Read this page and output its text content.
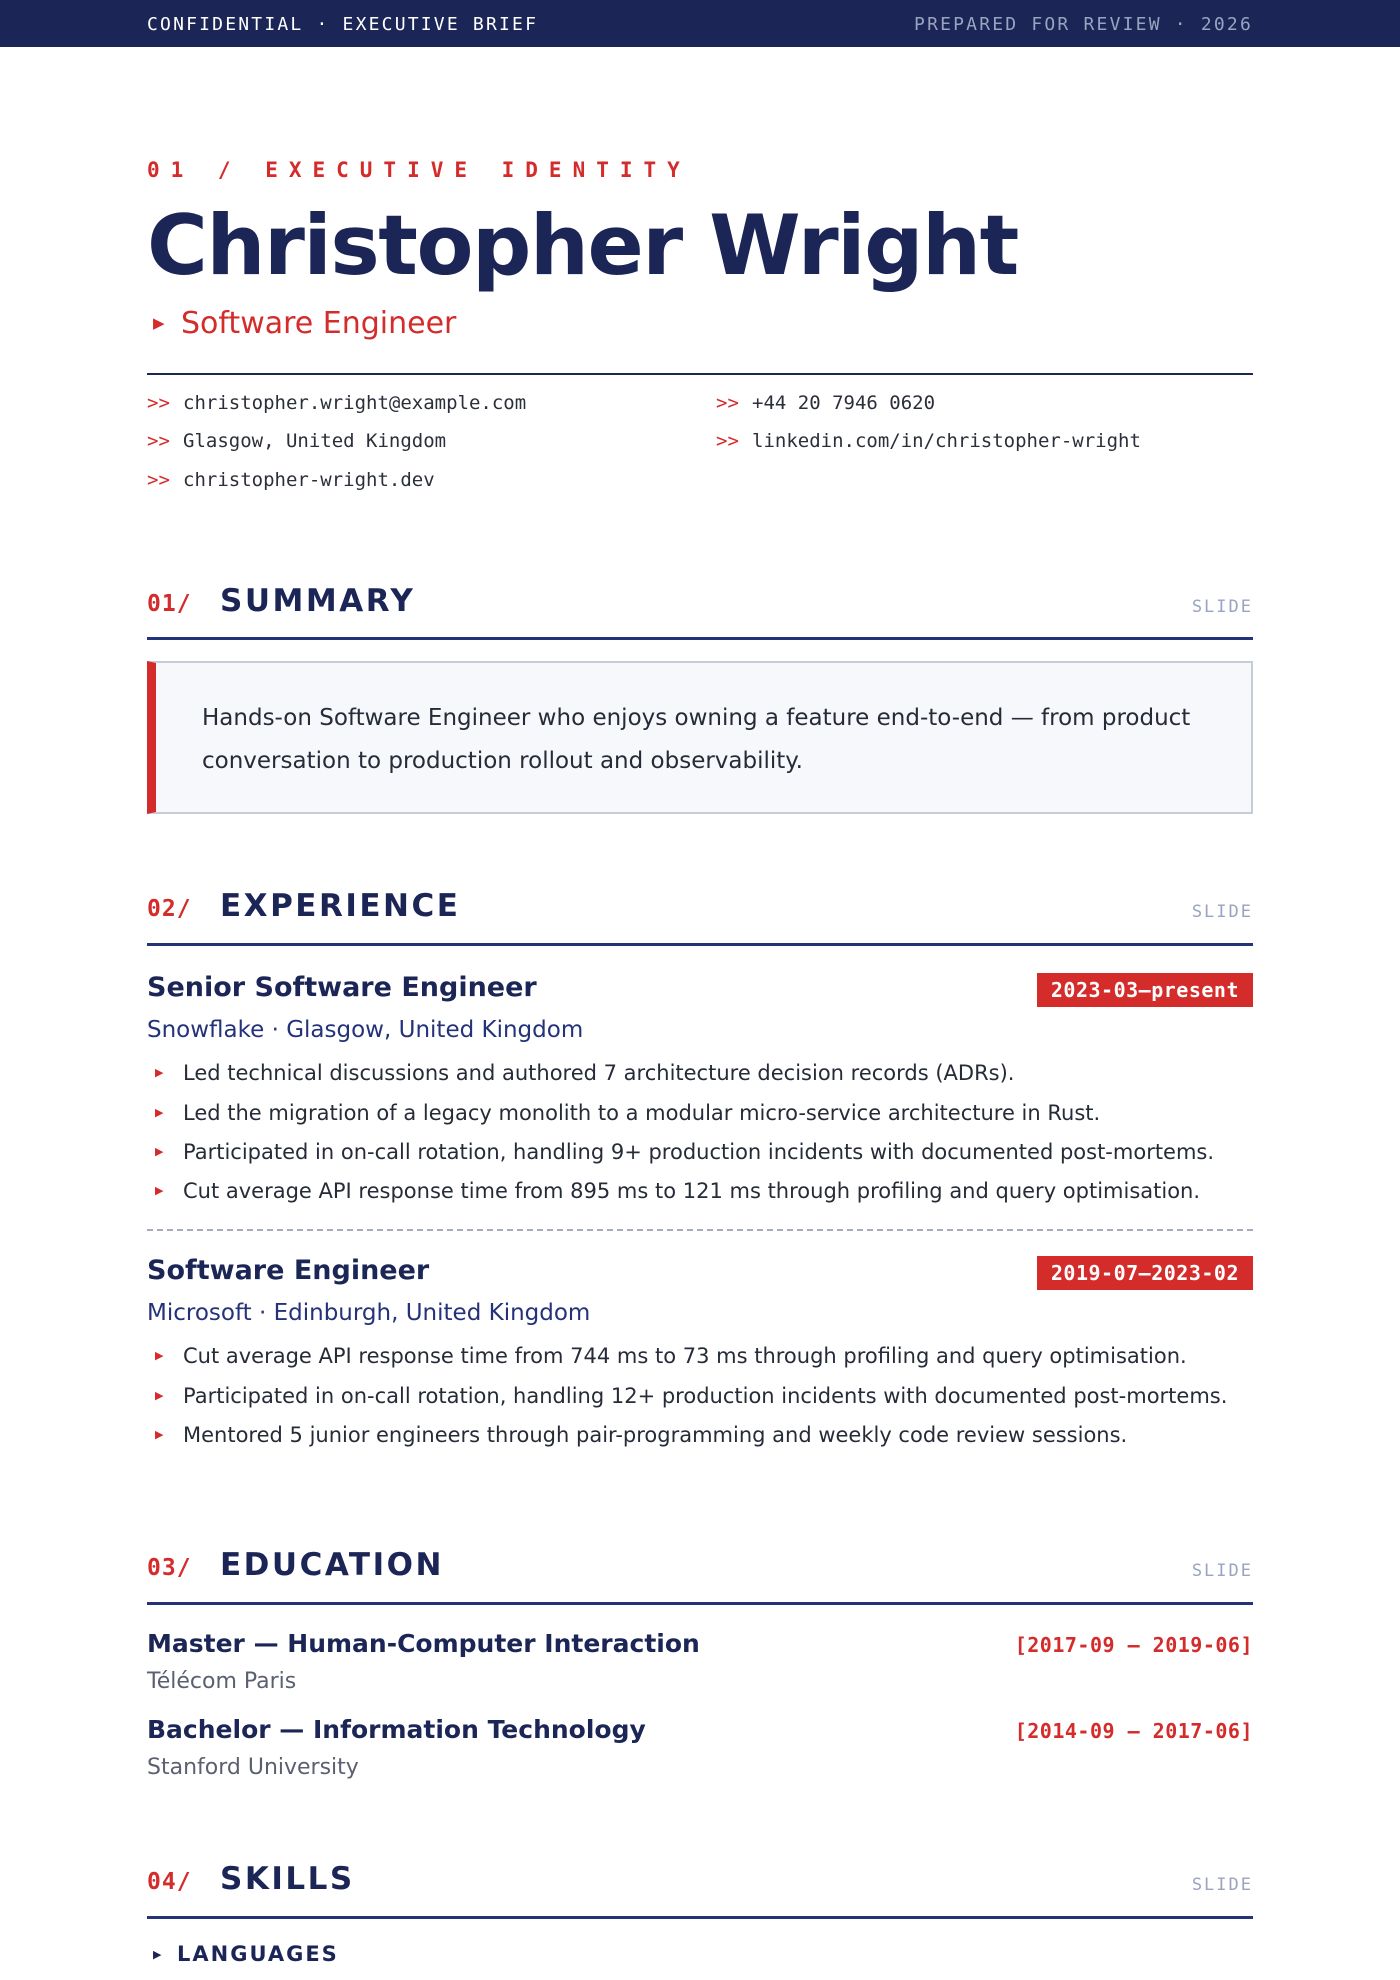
CONFIDENTIAL · EXECUTIVE BRIEF	PREPARED FOR REVIEW · 2026
01 / EXECUTIVE IDENTITY
Christopher Wright
▶ Software Engineer
>> christopher.wright@example.com	>> +44 20 7946 0620
>> Glasgow, United Kingdom	>> linkedin.com/in/christopher-wright
>> christopher-wright.dev
01/ SUMMARY	SLIDE
Hands-on Software Engineer who enjoys owning a feature end-to-end — from product conversation to production rollout and observability.
02/ EXPERIENCE	SLIDE
Senior Software Engineer	2023-03–present
Snowflake · Glasgow, United Kingdom
▶ Led technical discussions and authored 7 architecture decision records (ADRs).
▶ Led the migration of a legacy monolith to a modular micro-service architecture in Rust.
▶ Participated in on-call rotation, handling 9+ production incidents with documented post-mortems.
▶ Cut average API response time from 895 ms to 121 ms through profiling and query optimisation.
Software Engineer	2019-07–2023-02
Microsoft · Edinburgh, United Kingdom
▶ Cut average API response time from 744 ms to 73 ms through profiling and query optimisation.
▶ Participated in on-call rotation, handling 12+ production incidents with documented post-mortems.
▶ Mentored 5 junior engineers through pair-programming and weekly code review sessions.
03/ EDUCATION	SLIDE
Master — Human-Computer Interaction	[2017-09 – 2019-06]
Télécom Paris
Bachelor — Information Technology	[2014-09 – 2017-06]
Stanford University
04/ SKILLS	SLIDE
▶ LANGUAGES
